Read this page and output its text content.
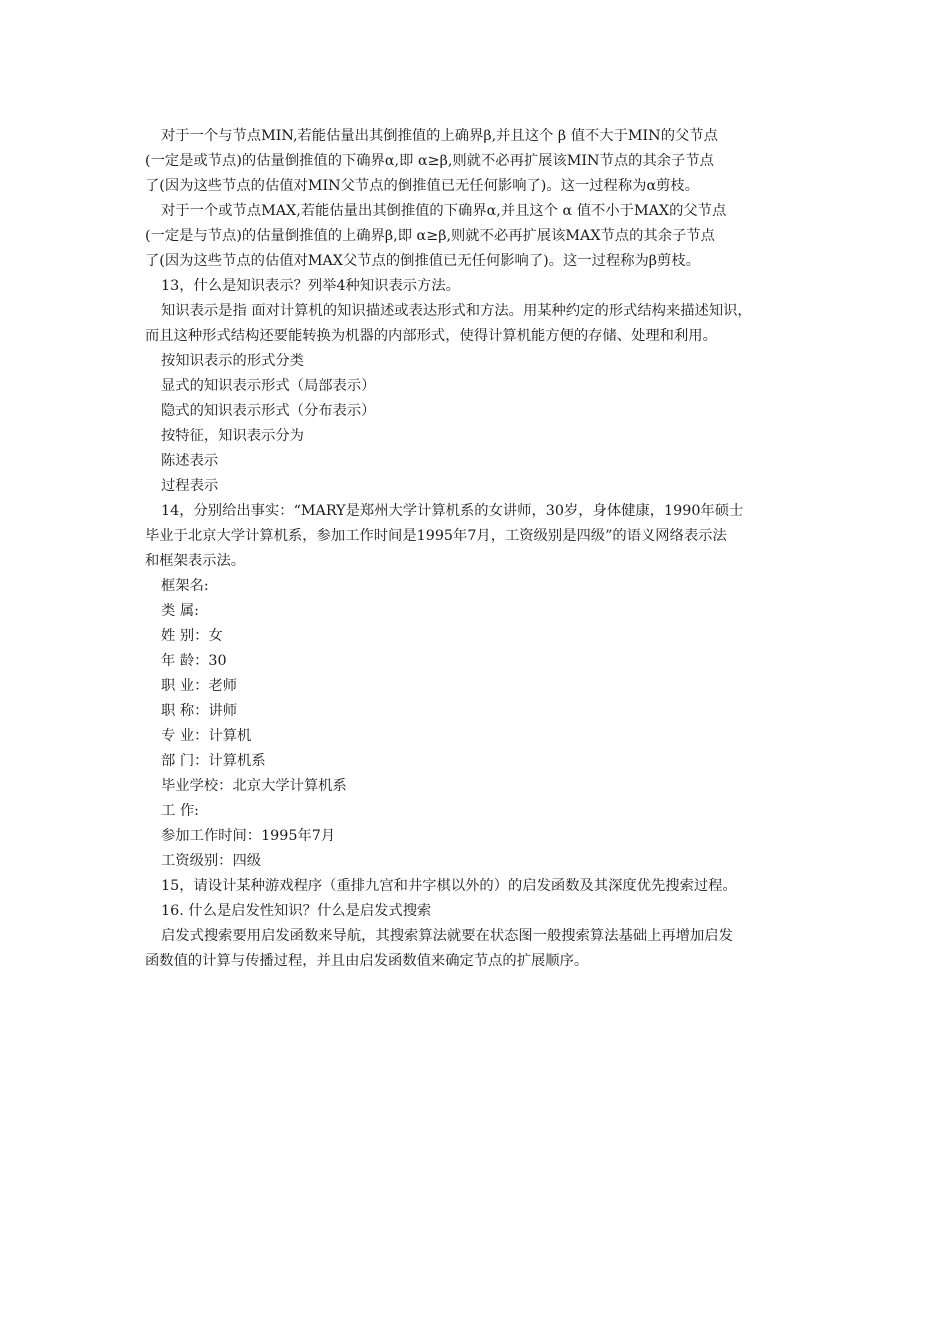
对于一个与节点MIN,若能估量出其倒推值的上确界β,并且这个 β 值不大于MIN的父节点
(一定是或节点)的估量倒推值的下确界α,即 α≥β,则就不必再扩展该MIN节点的其余子节点
了(因为这些节点的估值对MIN父节点的倒推值已无任何影响了)。这一过程称为α剪枝。
对于一个或节点MAX,若能估量出其倒推值的下确界α,并且这个 α 值不小于MAX的父节点
(一定是与节点)的估量倒推值的上确界β,即 α≥β,则就不必再扩展该MAX节点的其余子节点
了(因为这些节点的估值对MAX父节点的倒推值已无任何影响了)。这一过程称为β剪枝。
13，什么是知识表示？列举4种知识表示方法。
知识表示是指 面对计算机的知识描述或表达形式和方法。用某种约定的形式结构来描述知识，
而且这种形式结构还要能转换为机器的内部形式，使得计算机能方便的存储、处理和利用。
按知识表示的形式分类
显式的知识表示形式（局部表示）
隐式的知识表示形式（分布表示）
按特征，知识表示分为
陈述表示
过程表示
14，分别给出事实：“MARY是郑州大学计算机系的女讲师，30岁，身体健康，1990年硕士
毕业于北京大学计算机系，参加工作时间是1995年7月，工资级别是四级”的语义网络表示法
和框架表示法。
框架名:
类 属:
姓 别：女
年 龄：30
职 业：老师
职 称：讲师
专 业：计算机
部 门：计算机系
毕业学校：北京大学计算机系
工 作:
参加工作时间：1995年7月
工资级别：四级
15，请设计某种游戏程序（重排九宫和井字棋以外的）的启发函数及其深度优先搜索过程。
16. 什么是启发性知识？什么是启发式搜索
启发式搜索要用启发函数来导航，其搜索算法就要在状态图一般搜索算法基础上再增加启发
函数值的计算与传播过程，并且由启发函数值来确定节点的扩展顺序。
